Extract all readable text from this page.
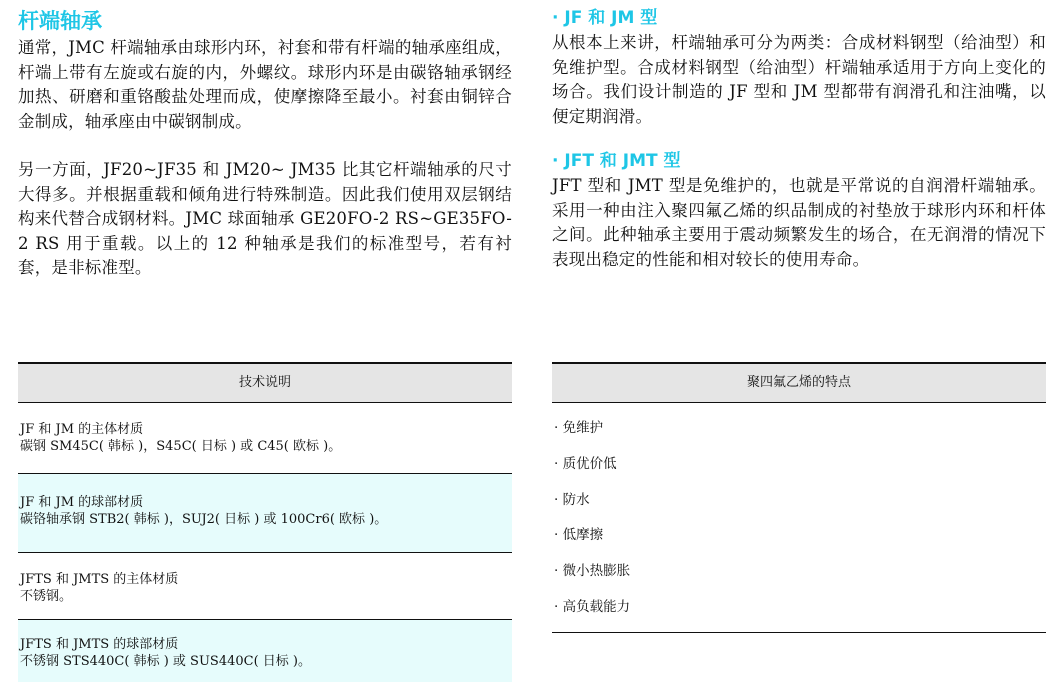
杆端轴承

通常，JMC 杆端轴承由球形内环，衬套和带有杆端的轴承座组成，杆端上带有左旋或右旋的内，外螺纹。球形内环是由碳铬轴承钢经加热、研磨和重铬酸盐处理而成，使摩擦降至最小。衬套由铜锌合金制成，轴承座由中碳钢制成。

另一方面，JF20~JF35 和 JM20~ JM35 比其它杆端轴承的尺寸大得多。并根据重载和倾角进行特殊制造。因此我们使用双层钢结构来代替合成钢材料。JMC 球面轴承 GE20FO-2 RS~GE35FO-2 RS 用于重载。以上的 12 种轴承是我们的标准型号，若有衬套，是非标准型。

· JF 和 JM 型

从根本上来讲，杆端轴承可分为两类：合成材料钢型（给油型）和免维护型。合成材料钢型（给油型）杆端轴承适用于方向上变化的场合。我们设计制造的 JF 型和 JM 型都带有润滑孔和注油嘴，以便定期润滑。

· JFT 和 JMT 型

JFT 型和 JMT 型是免维护的，也就是平常说的自润滑杆端轴承。采用一种由注入聚四氟乙烯的织品制成的衬垫放于球形内环和杆体之间。此种轴承主要用于震动频繁发生的场合，在无润滑的情况下表现出稳定的性能和相对较长的使用寿命。

技术说明
JF 和 JM 的主体材质
碳钢 SM45C( 韩标 )，S45C( 日标 ) 或 C45( 欧标 )。
JF 和 JM 的球部材质
碳铬轴承钢 STB2( 韩标 )，SUJ2( 日标 ) 或 100Cr6( 欧标 )。
JFTS 和 JMTS 的主体材质
不锈钢。
JFTS 和 JMTS 的球部材质
不锈钢 STS440C( 韩标 ) 或 SUS440C( 日标 )。
聚四氟乙烯的特点
· 免维护
· 质优价低
· 防水
· 低摩擦
· 微小热膨胀
· 高负载能力
